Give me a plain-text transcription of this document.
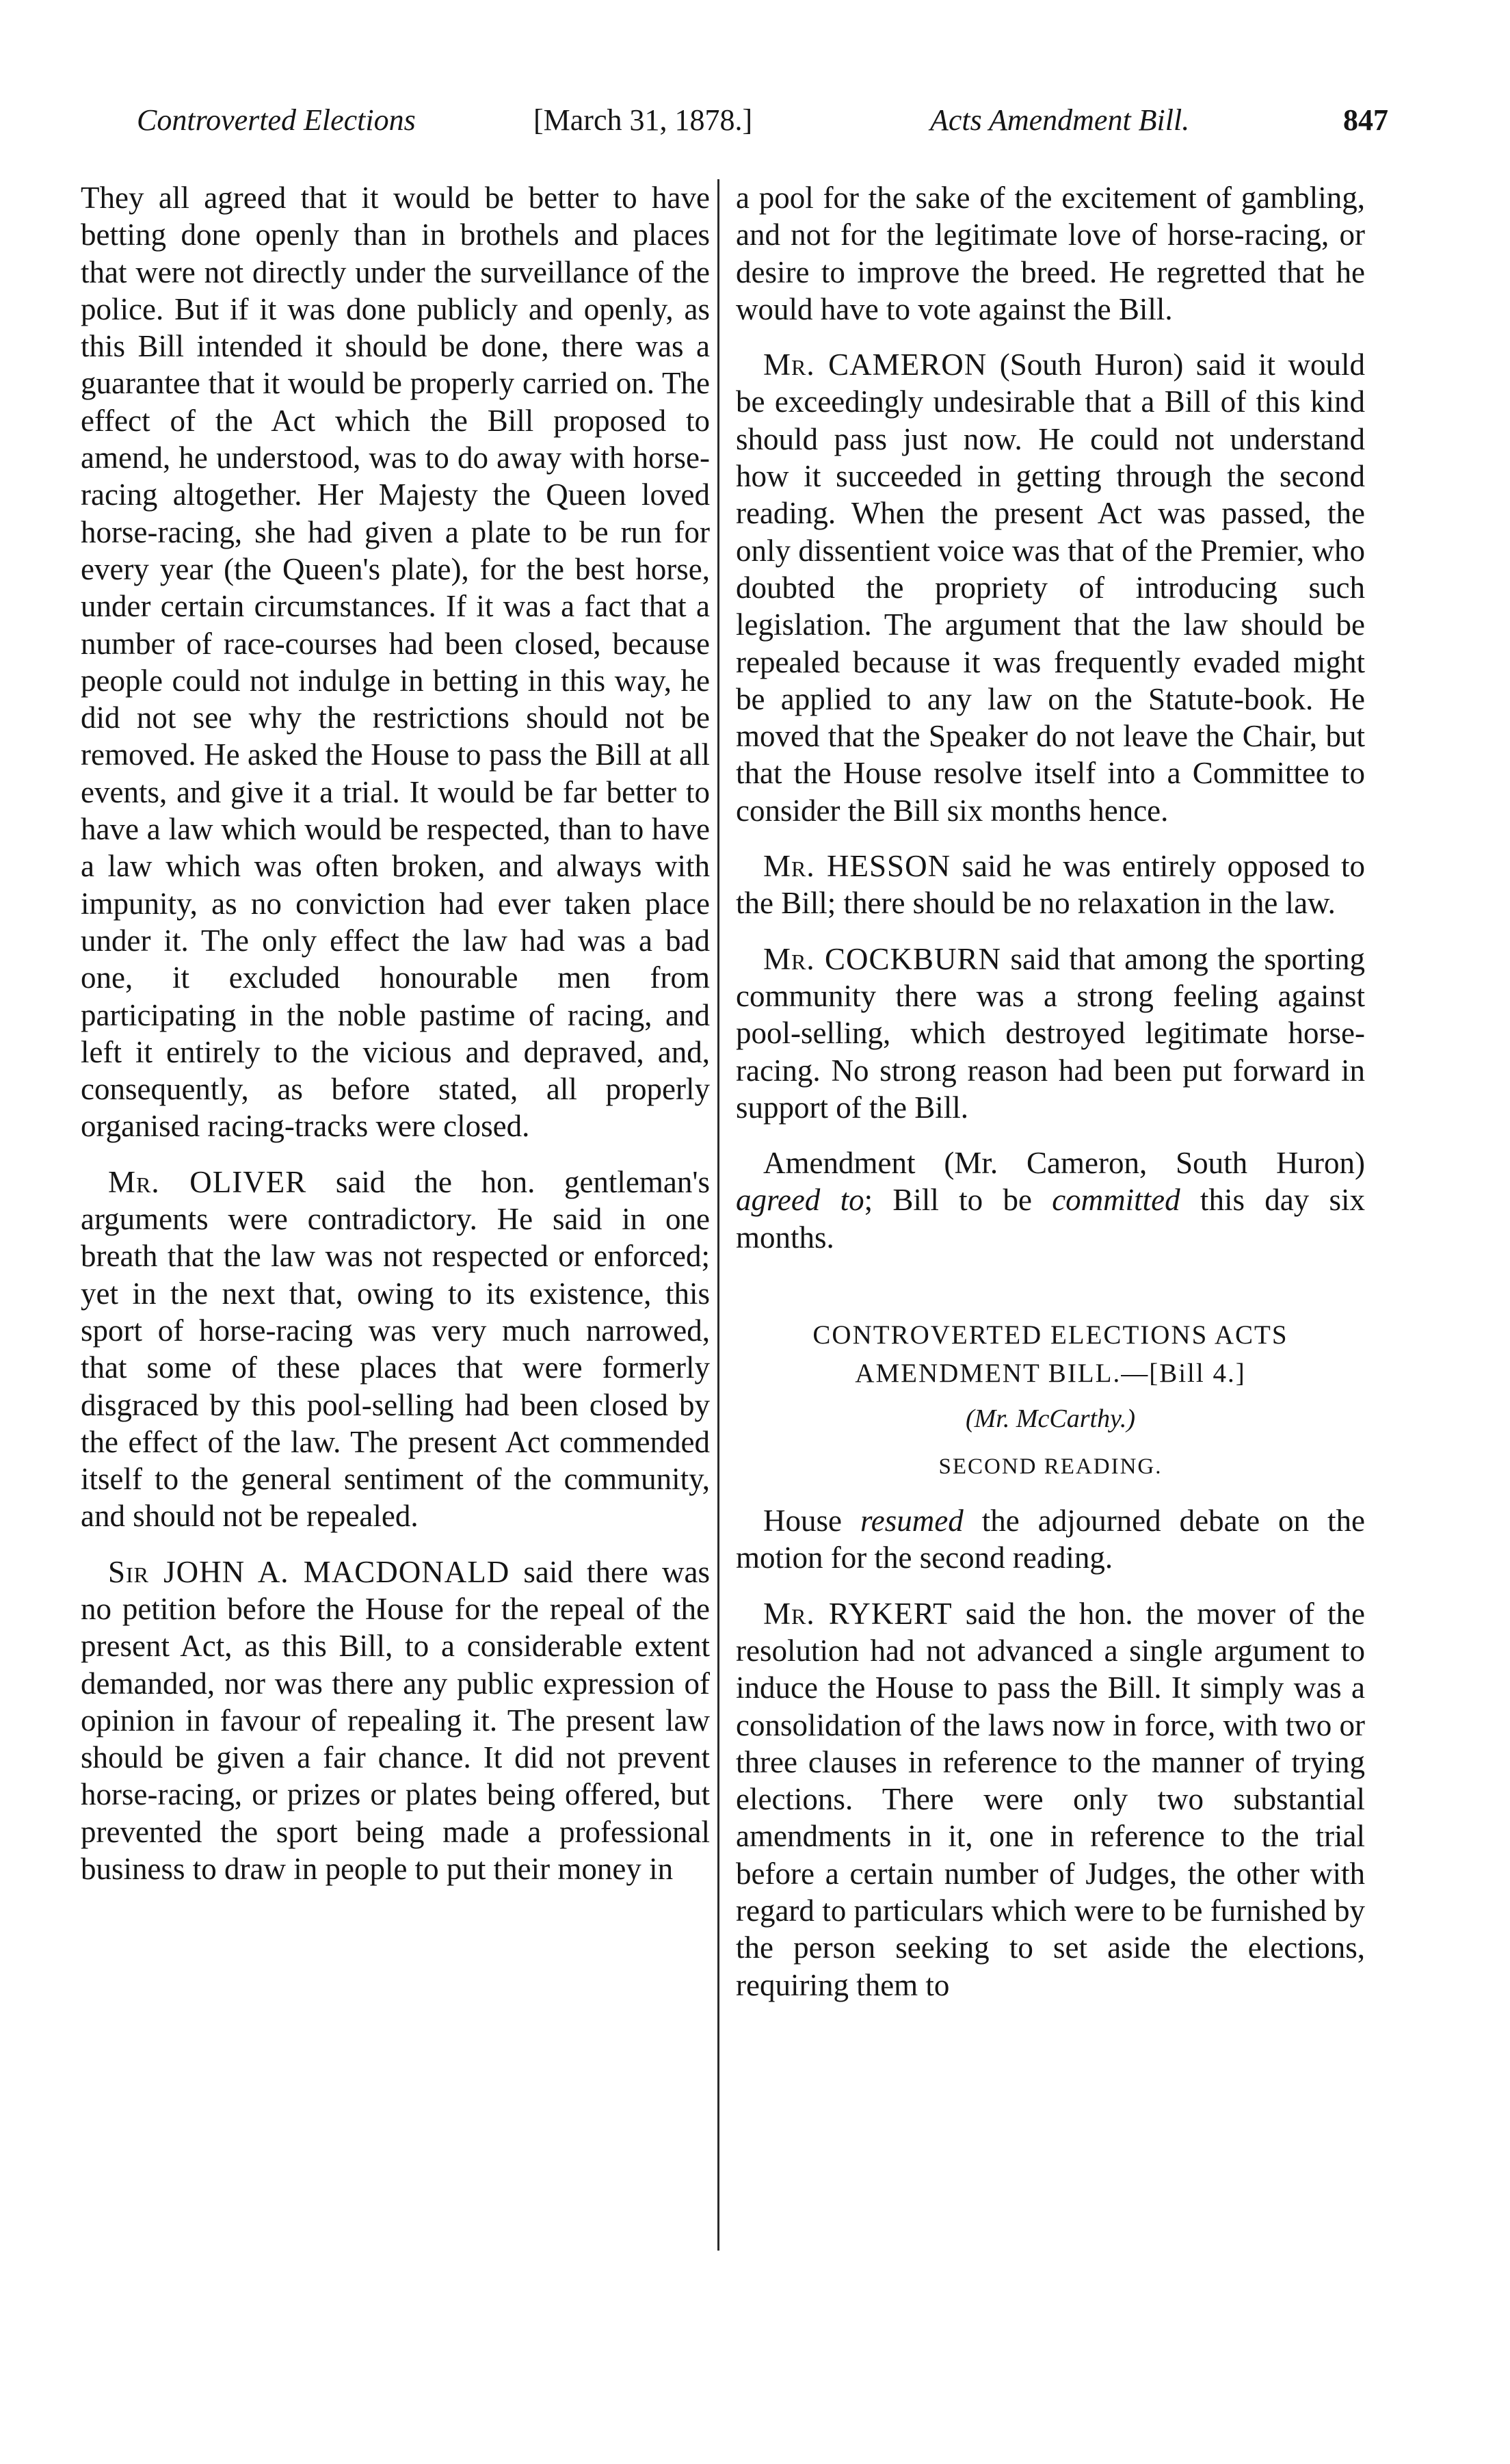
Controverted Elections	[March 31, 1878.]	Acts Amendment Bill.	847

They all agreed that it would be better to have betting done openly than in brothels and places that were not directly under the surveillance of the police. But if it was done publicly and openly, as this Bill intended it should be done, there was a guarantee that it would be properly carried on. The effect of the Act which the Bill proposed to amend, he understood, was to do away with horse-racing altogether. Her Majesty the Queen loved horse-racing, she had given a plate to be run for every year (the Queen's plate), for the best horse, under certain circumstances. If it was a fact that a number of race-courses had been closed, because people could not indulge in betting in this way, he did not see why the restrictions should not be removed. He asked the House to pass the Bill at all events, and give it a trial. It would be far better to have a law which would be respected, than to have a law which was often broken, and always with impunity, as no conviction had ever taken place under it. The only effect the law had was a bad one, it excluded honourable men from participating in the noble pastime of racing, and left it entirely to the vicious and depraved, and, consequently, as before stated, all properly organised racing-tracks were closed.

Mr. OLIVER said the hon. gentleman's arguments were contradictory. He said in one breath that the law was not respected or enforced; yet in the next that, owing to its existence, this sport of horse-racing was very much narrowed, that some of these places that were formerly disgraced by this pool-selling had been closed by the effect of the law. The present Act commended itself to the general sentiment of the community, and should not be repealed.

Sir JOHN A. MACDONALD said there was no petition before the House for the repeal of the present Act, as this Bill, to a considerable extent demanded, nor was there any public expression of opinion in favour of repealing it. The present law should be given a fair chance. It did not prevent horse-racing, or prizes or plates being offered, but prevented the sport being made a professional business to draw in people to put their money in

a pool for the sake of the excitement of gambling, and not for the legitimate love of horse-racing, or desire to improve the breed. He regretted that he would have to vote against the Bill.

Mr. CAMERON (South Huron) said it would be exceedingly undesirable that a Bill of this kind should pass just now. He could not understand how it succeeded in getting through the second reading. When the present Act was passed, the only dissentient voice was that of the Premier, who doubted the propriety of introducing such legislation. The argument that the law should be repealed because it was frequently evaded might be applied to any law on the Statute-book. He moved that the Speaker do not leave the Chair, but that the House resolve itself into a Committee to consider the Bill six months hence.

Mr. HESSON said he was entirely opposed to the Bill; there should be no relaxation in the law.

Mr. COCKBURN said that among the sporting community there was a strong feeling against pool-selling, which destroyed legitimate horse-racing. No strong reason had been put forward in support of the Bill.

Amendment (Mr. Cameron, South Huron) agreed to; Bill to be committed this day six months.

CONTROVERTED ELECTIONS ACTS
AMENDMENT BILL.—[Bill 4.]
(Mr. McCarthy.)
SECOND READING.

House resumed the adjourned debate on the motion for the second reading.

Mr. RYKERT said the hon. the mover of the resolution had not advanced a single argument to induce the House to pass the Bill. It simply was a consolidation of the laws now in force, with two or three clauses in reference to the manner of trying elections. There were only two substantial amendments in it, one in reference to the trial before a certain number of Judges, the other with regard to particulars which were to be furnished by the person seeking to set aside the elections, requiring them to
